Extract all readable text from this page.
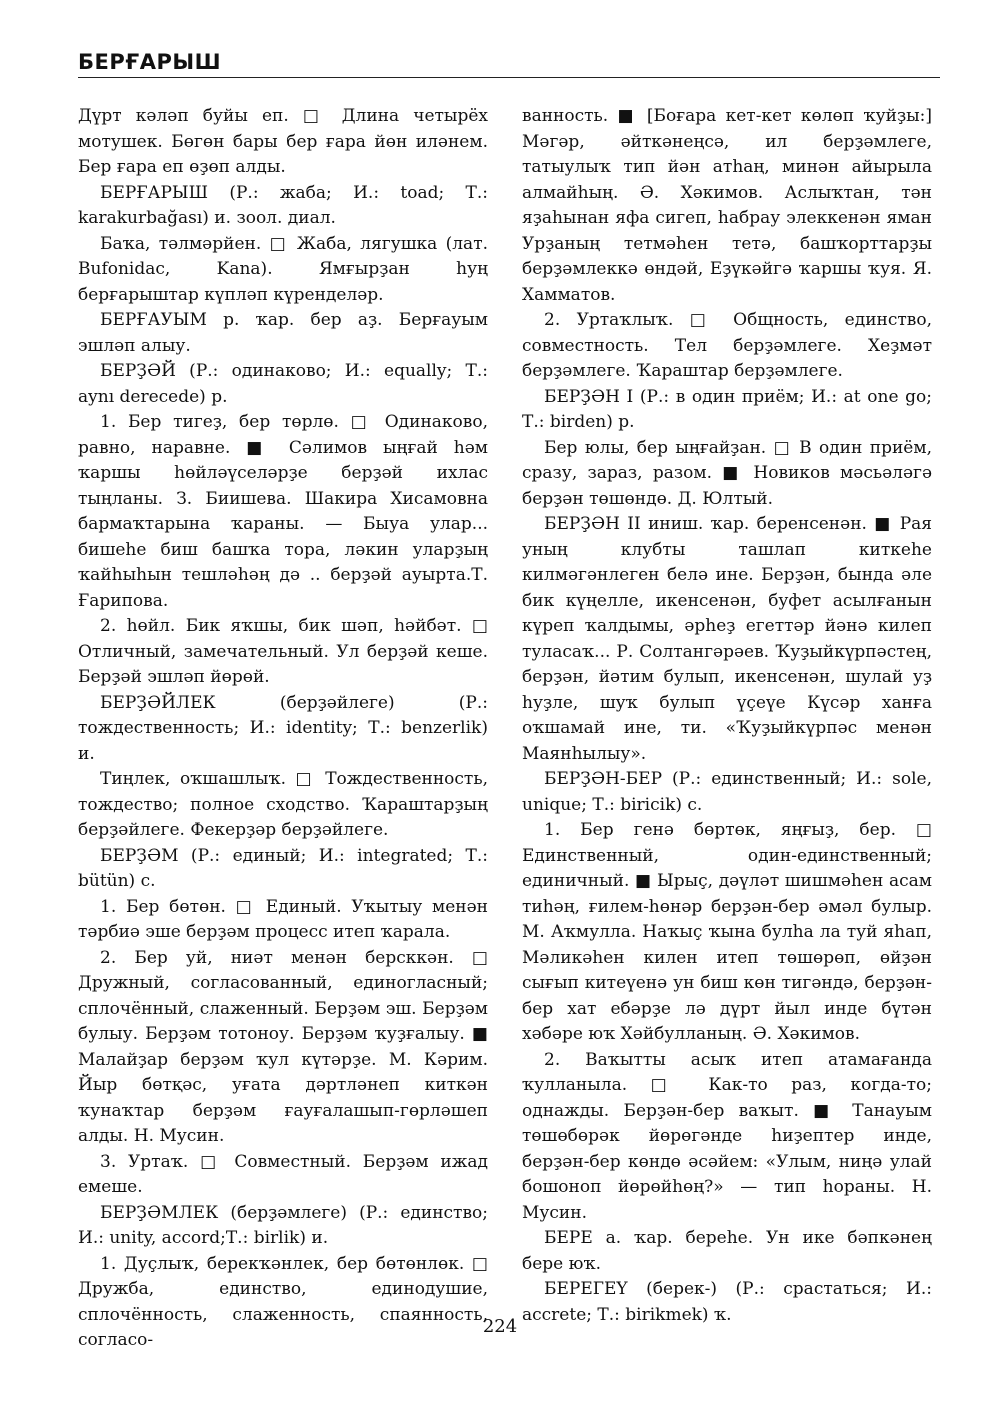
БЕРҒАРЫШ

Дүрт кәләп буйы еп. □ Длина четырёх мотушек. Бөгөн бары бер ғара йөн иләнем. Бер ғара еп өҙөп алды.

БЕРҒАРЫШ (Р.: жаба; И.: toad; Т.: karakurbağası) и. зоол. диал.

Баҡа, тәлмәрйен. □ Жаба, лягушка (лат. Bufonidac, Kana). Ямғырҙан һуң берғарыштар күпләп күренделәр.

БЕРҒАУЫМ р. ҡар. бер аҙ. Берғауым эшләп алыу.

БЕРҘӘЙ (Р.: одинаково; И.: equally; Т.: aynı derecede) р.

1. Бер тигеҙ, бер төрлө. □ Одинаково, равно, наравне. ■ Сәлимов ыңғай һәм ҡаршы һөйләүселәрҙе берҙәй ихлас тыңланы. З. Биишева. Шакира Хисамовна бармаҡтарына ҡараны. — Быуа улар... бишеһе биш башҡа тора, ләкин уларҙың ҡайһыһын тешләһәң дә .. берҙәй ауырта.Т. Ғарипова.

2. һөйл. Бик яҡшы, бик шәп, һәйбәт. □ Отличный, замечательный. Ул берҙәй кеше. Берҙәй эшләп йөрөй.

БЕРҘӘЙЛЕК (берҙәйлеге) (Р.: тождественность; И.: identity; Т.: benzerlik) и.

Тиңлек, оҡшашлыҡ. □ Тождественность, тождество; полное сходство. Ҡараштарҙың берҙәйлеге. Фекерҙәр берҙәйлеге.

БЕРҘӘМ (Р.: единый; И.: integrated; Т.: bütün) с.

1. Бер бөтөн. □ Единый. Уҡытыу менән тәрбиә эше берҙәм процесс итеп ҡарала.

2. Бер уй, ниәт менән берсккән. □ Дружный, согласованный, единогласный; сплочённый, слаженный. Берҙәм эш. Берҙәм булыу. Берҙәм тотоноу. Берҙәм ҡуҙғалыу. ■ Малайҙар берҙәм ҡул күтәрҙе. М. Кәрим. Йыр бөтқәс, уғата дәртләнеп киткән ҡунаҡтар берҙәм ғауғалашып-гөрләшеп алды. Н. Мусин.

3. Уртаҡ. □ Совместный. Берҙәм ижад емеше.

БЕРҘӘМЛЕК (берҙәмлеге) (Р.: единство; И.: unity, accord;Т.: birlik) и.

1. Дуҫлыҡ, берекҡәнлек, бер бөтөнлөк. □ Дружба, единство, единодушие, сплочённость, слаженность, спаянность, согласо-

ванность. ■ [Боғара кет-кет көлөп ҡуйҙы:] Мәгәр, әйткәнеңсә, ил берҙәмлеге, татыулыҡ тип йән атһаң, минән айырыла алмайһың. Ә. Хәкимов. Аслыҡтан, тән яҙаһынан яфа сигеп, һабрау элеккенән яман Урҙаның тетмәһен тетә, башҡорттарҙы берҙәмлеккә өндәй, Еҙүкәйгә ҡаршы ҡуя. Я. Хамматов.

2. Уртаҡлыҡ. □ Общность, единство, совместность. Тел берҙәмлеге. Хеҙмәт берҙәмлеге. Ҡараштар берҙәмлеге.

БЕРҘӘН I (Р.: в один приём; И.: at one go; Т.: birden) р.

Бер юлы, бер ыңғайҙан. □ В один приём, сразу, зараз, разом. ■ Новиков мәсьәләгә берҙән төшөндө. Д. Юлтый.

БЕРҘӘН II иниш. ҡар. беренсенән. ■ Рая уның клубты ташлап киткеһе килмәгәнлеген белә ине. Берҙән, бында әле бик күңелле, икенсенән, буфет асылғанын күреп ҡалдымы, әрһеҙ егеттәр йәнә килеп туласаҡ... Р. Солтангәрәев. Ҡуҙыйкүрпәстең, берҙән, йәтим булып, икенсенән, шулай уҙ һуҙле, шуҡ булып үҫеүе Күсәр ханға оҡшамай ине, ти. «Ҡуҙыйкүрпәс менән Маянһылыу».

БЕРҘӘН-БЕР (Р.: единственный; И.: sole, unique; Т.: biricik) с.

1. Бер генә бөртөк, яңғыҙ, бер. □ Единственный, один-единственный; единичный. ■ Ырыҫ, дәүләт шишмәһен асам тиһәң, ғилем-һөнәр берҙән-бер әмәл булыр. М. Аҡмулла. Наҡыҫ ҡына булһа ла туй яһап, Мәликәһен килен итеп төшөрөп, өйҙән сығып китеүенә ун биш көн тигәндә, берҙән-бер хат ебәрҙе лә дүрт йыл инде бүтән хәбәре юҡ Хәйбулланың. Ә. Хәкимов.

2. Ваҡытты асыҡ итеп атамағанда ҡулланыла. □ Как-то раз, когда-то; однажды. Берҙән-бер ваҡыт. ■ Танауым төшөбөрәк йөрөгәнде һиҙептер инде, берҙән-бер көндө әсәйем: «Улым, ниңә улай бошоноп йөрөйһөң?» — тип һораны. Н. Мусин.

БЕРЕ а. ҡар. береһе. Ун ике бәпкәнең бере юҡ.

БЕРЕГЕҮ (берек-) (Р.: срастаться; И.: accrete; Т.: birikmek) ҡ.

224
